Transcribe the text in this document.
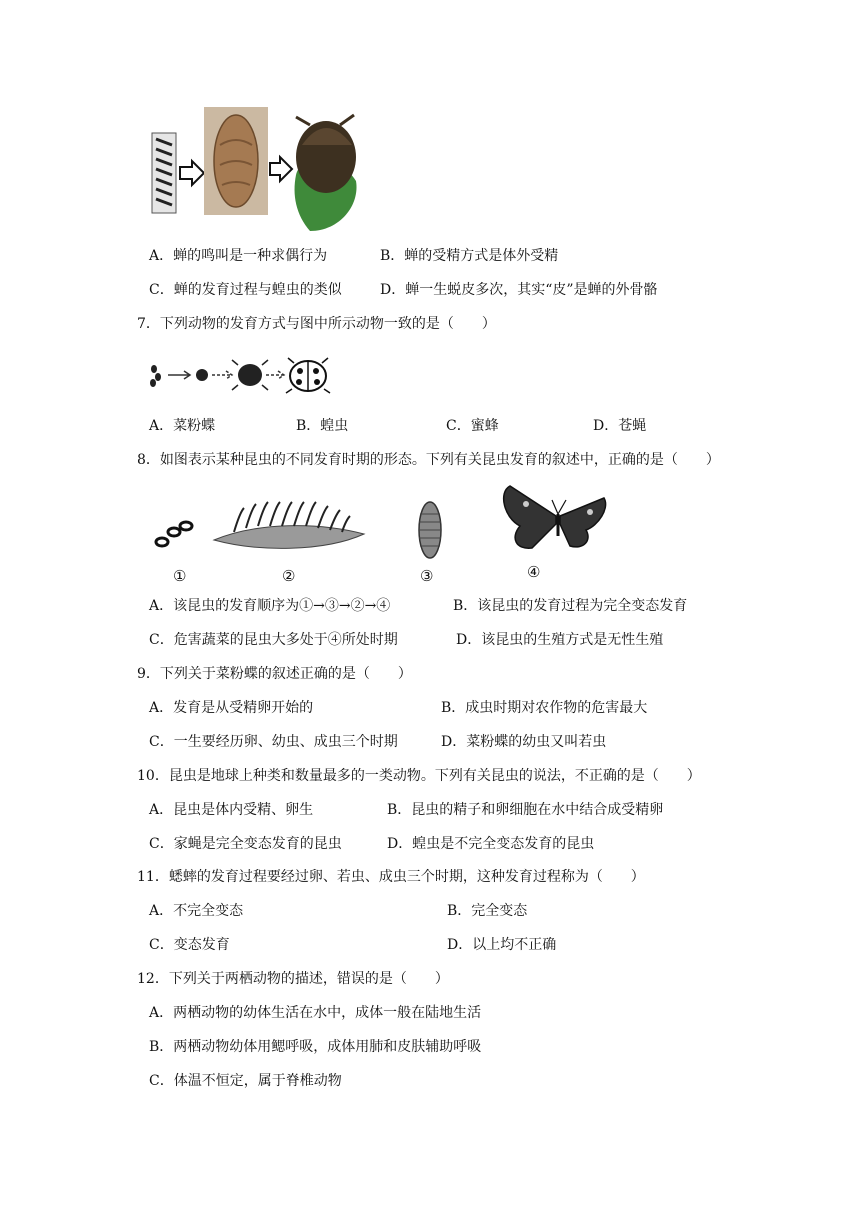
A．蝉的鸣叫是一种求偶行为	B．蝉的受精方式是体外受精
C．蝉的发育过程与蝗虫的类似	D．蝉一生蜕皮多次，其实“皮”是蝉的外骨骼
7．下列动物的发育方式与图中所示动物一致的是（　　）
A．菜粉蝶	B．蝗虫	C．蜜蜂	D．苍蝇
8．如图表示某种昆虫的不同发育时期的形态。下列有关昆虫发育的叙述中，正确的是（　　）
①	②	③	④
A．该昆虫的发育顺序为①→③→②→④	B．该昆虫的发育过程为完全变态发育
C．危害蔬菜的昆虫大多处于④所处时期	D．该昆虫的生殖方式是无性生殖
9．下列关于菜粉蝶的叙述正确的是（　　）
A．发育是从受精卵开始的	B．成虫时期对农作物的危害最大
C．一生要经历卵、幼虫、成虫三个时期	D．菜粉蝶的幼虫又叫若虫
10．昆虫是地球上种类和数量最多的一类动物。下列有关昆虫的说法，不正确的是（　　）
A．昆虫是体内受精、卵生	B．昆虫的精子和卵细胞在水中结合成受精卵
C．家蝇是完全变态发育的昆虫	D．蝗虫是不完全变态发育的昆虫
11．蟋蟀的发育过程要经过卵、若虫、成虫三个时期，这种发育过程称为（　　）
A．不完全变态	B．完全变态
C．变态发育	D．以上均不正确
12．下列关于两栖动物的描述，错误的是（　　）
A．两栖动物的幼体生活在水中，成体一般在陆地生活
B．两栖动物幼体用鳃呼吸，成体用肺和皮肤辅助呼吸
C．体温不恒定，属于脊椎动物
